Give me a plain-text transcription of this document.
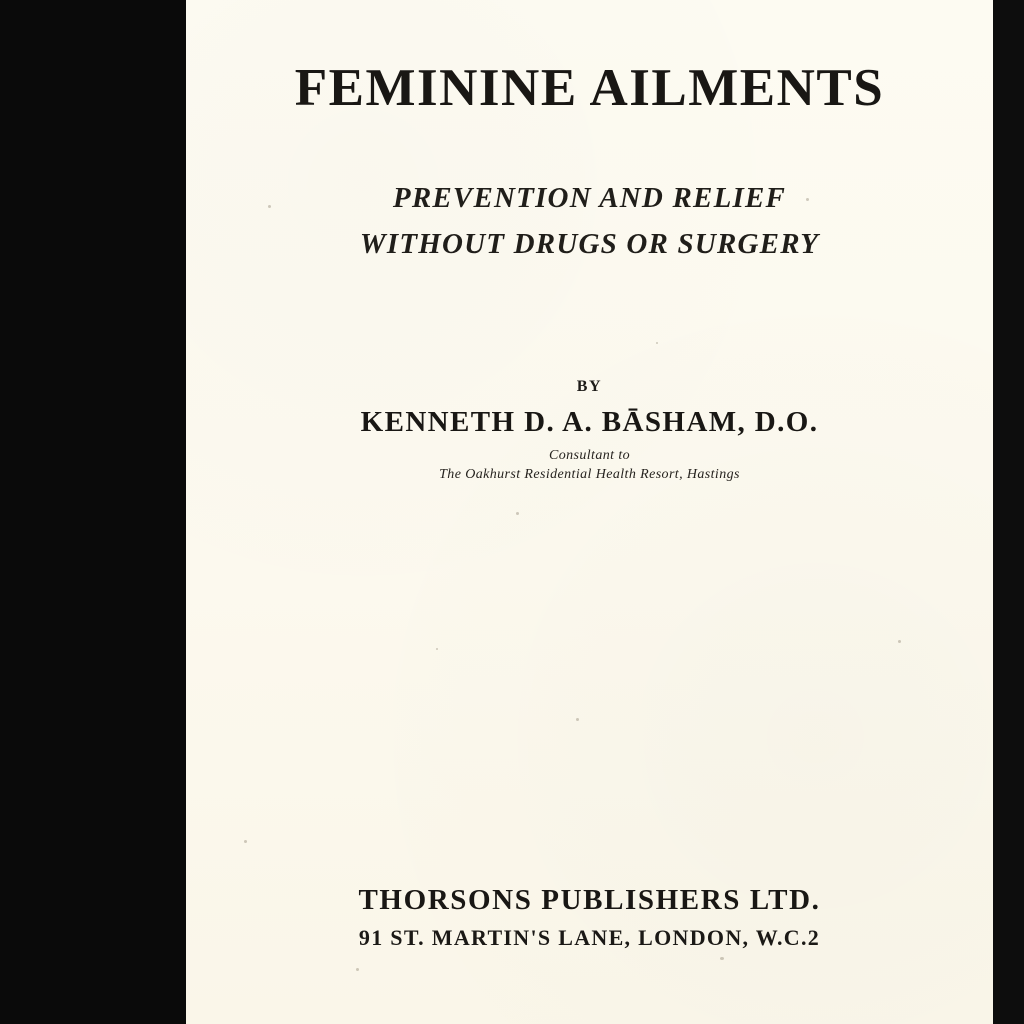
FEMININE AILMENTS
PREVENTION AND RELIEF
WITHOUT DRUGS OR SURGERY
BY
KENNETH D. A. BĀSHAM, D.O.
Consultant to
The Oakhurst Residential Health Resort, Hastings
THORSONS PUBLISHERS LTD.
91 ST. MARTIN'S LANE, LONDON, W.C.2
